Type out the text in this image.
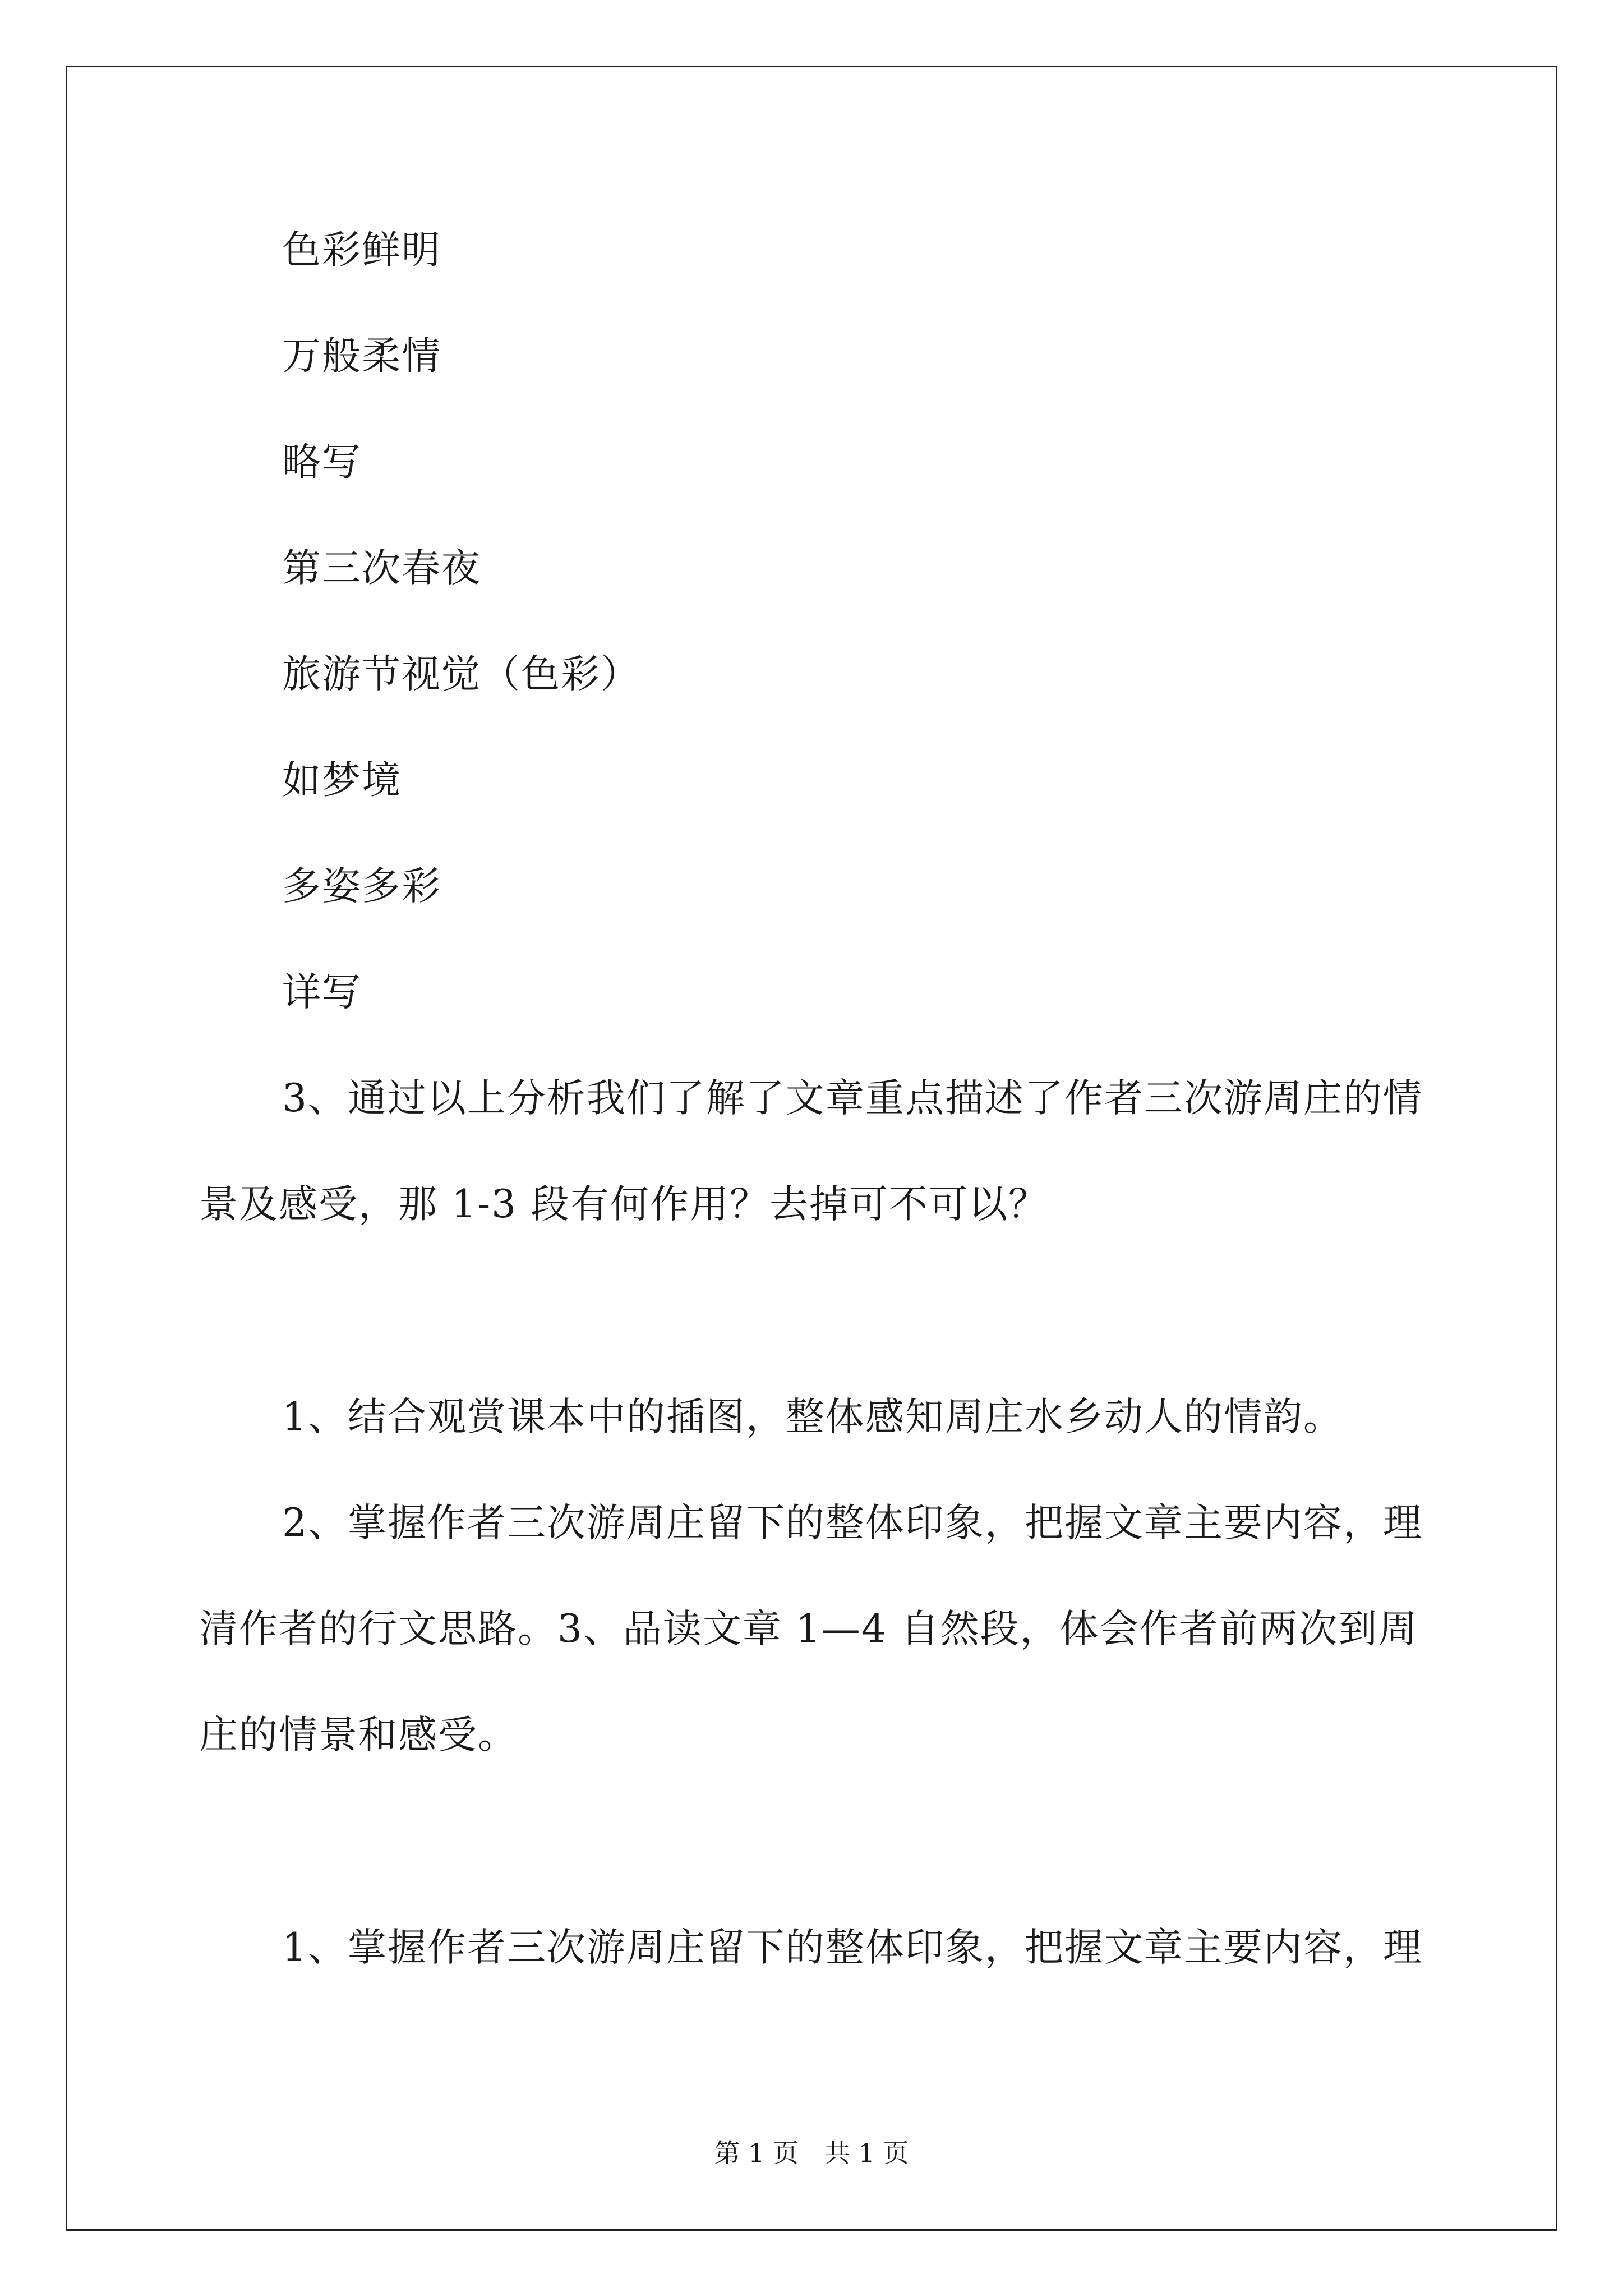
色彩鲜明
万般柔情
略写
第三次春夜
旅游节视觉（色彩）
如梦境
多姿多彩
详写
3、通过以上分析我们了解了文章重点描述了作者三次游周庄的情
景及感受，那 1-3 段有何作用？去掉可不可以？
1、结合观赏课本中的插图，整体感知周庄水乡动人的情韵。
2、掌握作者三次游周庄留下的整体印象，把握文章主要内容，理
清作者的行文思路。3、品读文章 1—4 自然段，体会作者前两次到周
庄的情景和感受。
1、掌握作者三次游周庄留下的整体印象，把握文章主要内容，理
第 1 页　共 1 页
